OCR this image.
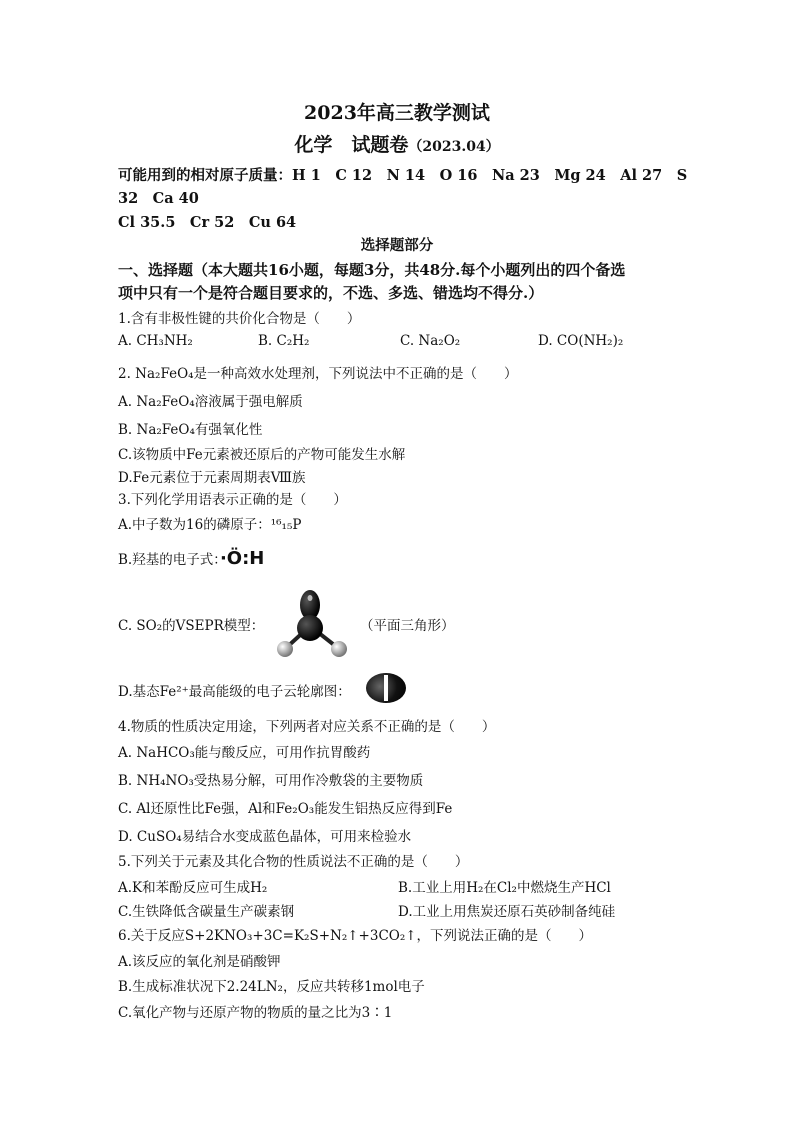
2023年高三教学测试
化学　 试题卷（2023.04）
可能用到的相对原子质量：H 1　C 12　N 14　O 16　Na 23　Mg 24　Al 27　S
32　Ca 40
Cl 35.5　Cr 52　Cu 64
选择题部分
一、选择题（本大题共16小题，每题3分，共48分.每个小题列出的四个备选
项中只有一个是符合题目要求的，不选、多选、错选均不得分.）
1.含有非极性键的共价化合物是（　　）
A. CH₃NH₂	B. C₂H₂	C. Na₂O₂	D. CO(NH₂)₂
2. Na₂FeO₄是一种高效水处理剂，下列说法中不正确的是（　　）
A. Na₂FeO₄溶液属于强电解质
B. Na₂FeO₄有强氧化性
C.该物质中Fe元素被还原后的产物可能发生水解
D.Fe元素位于元素周期表Ⅷ族
3.下列化学用语表示正确的是（　　）
A.中子数为16的磷原子：¹⁶₁₅P
B.羟基的电子式：·Ö:H
C. SO₂的VSEPR模型：	（平面三角形）
D.基态Fe²⁺最高能级的电子云轮廓图：
4.物质的性质决定用途，下列两者对应关系不正确的是（　　）
A. NaHCO₃能与酸反应，可用作抗胃酸药
B. NH₄NO₃受热易分解，可用作冷敷袋的主要物质
C. Al还原性比Fe强，Al和Fe₂O₃能发生铝热反应得到Fe
D. CuSO₄易结合水变成蓝色晶体，可用来检验水
5.下列关于元素及其化合物的性质说法不正确的是（　　）
A.K和苯酚反应可生成H₂	B.工业上用H₂在Cl₂中燃烧生产HCl
C.生铁降低含碳量生产碳素钢	D.工业上用焦炭还原石英砂制备纯硅
6.关于反应S+2KNO₃+3C=K₂S+N₂↑+3CO₂↑，下列说法正确的是（　　）
A.该反应的氧化剂是硝酸钾
B.生成标准状况下2.24LN₂，反应共转移1mol电子
C.氧化产物与还原产物的物质的量之比为3∶1
